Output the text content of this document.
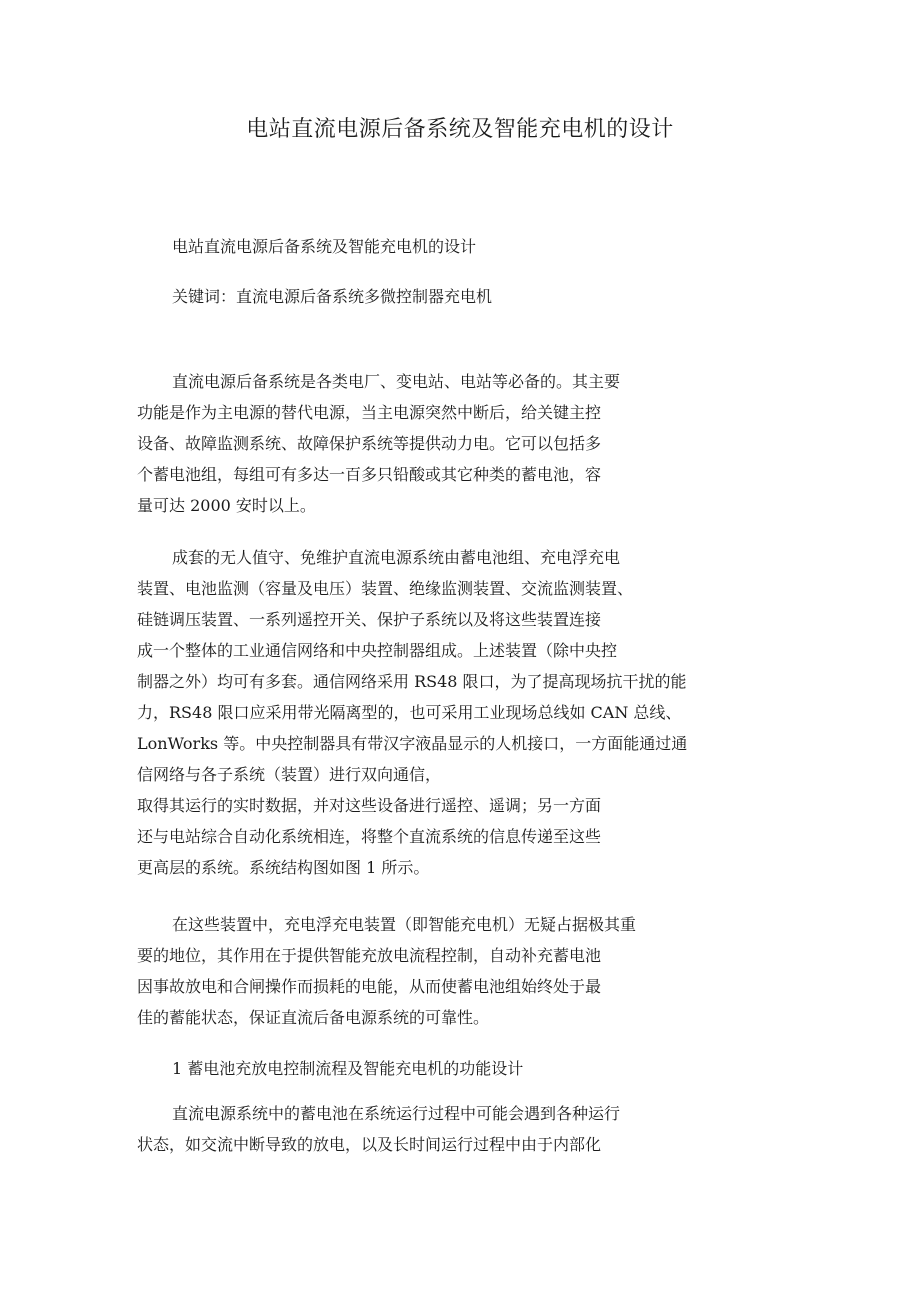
电站直流电源后备系统及智能充电机的设计
电站直流电源后备系统及智能充电机的设计
关键词：直流电源后备系统多微控制器充电机
直流电源后备系统是各类电厂、变电站、电站等必备的。其主要
功能是作为主电源的替代电源，当主电源突然中断后，给关键主控
设备、故障监测系统、故障保护系统等提供动力电。它可以包括多
个蓄电池组，每组可有多达一百多只铅酸或其它种类的蓄电池，容
量可达 2000 安时以上。
成套的无人值守、免维护直流电源系统由蓄电池组、充电浮充电
装置、电池监测（容量及电压）装置、绝缘监测装置、交流监测装置、
硅链调压装置、一系列遥控开关、保护子系统以及将这些装置连接
成一个整体的工业通信网络和中央控制器组成。上述装置（除中央控
制器之外）均可有多套。通信网络采用 RS48 限口，为了提高现场抗干扰的能
力，RS48 限口应采用带光隔离型的，也可采用工业现场总线如 CAN 总线、
LonWorks 等。中央控制器具有带汉字液晶显示的人机接口，一方面能通过通
信网络与各子系统（装置）进行双向通信，
取得其运行的实时数据，并对这些设备进行遥控、遥调；另一方面
还与电站综合自动化系统相连，将整个直流系统的信息传递至这些
更高层的系统。系统结构图如图 1 所示。
在这些装置中，充电浮充电装置（即智能充电机）无疑占据极其重
要的地位，其作用在于提供智能充放电流程控制，自动补充蓄电池
因事故放电和合闸操作而损耗的电能，从而使蓄电池组始终处于最
佳的蓄能状态，保证直流后备电源系统的可靠性。
1 蓄电池充放电控制流程及智能充电机的功能设计
直流电源系统中的蓄电池在系统运行过程中可能会遇到各种运行
状态，如交流中断导致的放电，以及长时间运行过程中由于内部化
